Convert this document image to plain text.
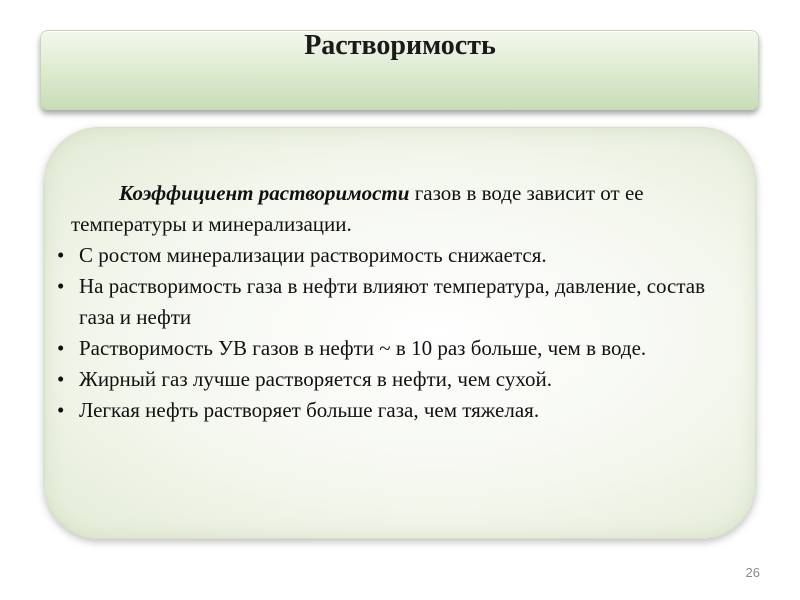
Растворимость

Коэффициент растворимости газов в воде зависит от ее температуры и минерализации.

• С ростом минерализации растворимость снижается.
• На растворимость газа в нефти влияют температура, давление, состав газа и нефти
• Растворимость УВ газов в нефти ~ в 10 раз больше, чем в воде.
• Жирный газ лучше растворяется в нефти, чем сухой.
• Легкая нефть растворяет больше газа, чем тяжелая.
26
